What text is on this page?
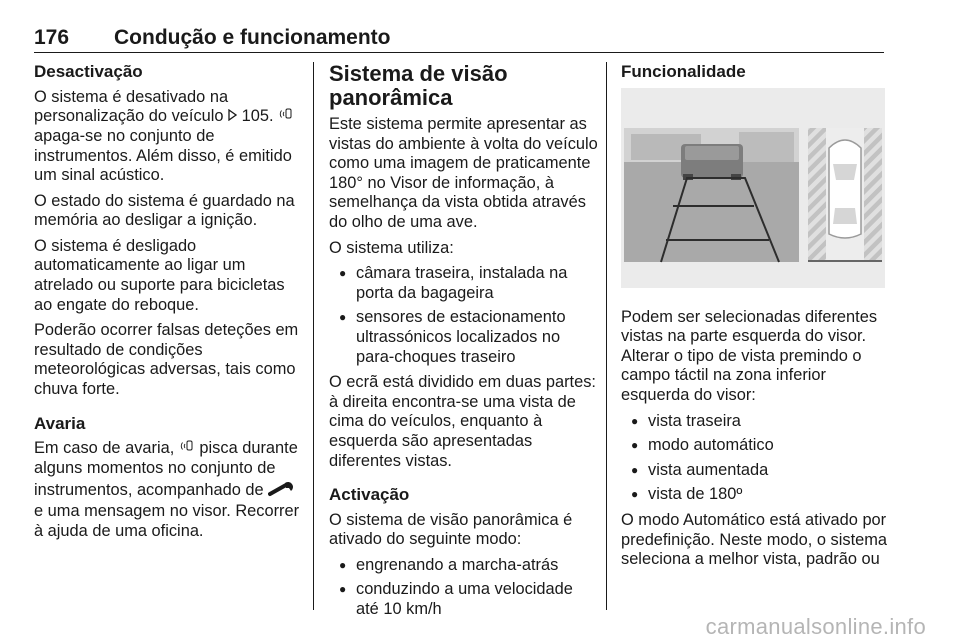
176 Condução e funcionamento
Desactivação

O sistema é desativado na personalização do veículo 105.  apaga-se no conjunto de instrumentos. Além disso, é emitido um sinal acústico.

O estado do sistema é guardado na memória ao desligar a ignição.

O sistema é desligado automaticamente ao ligar um atrelado ou suporte para bicicletas ao engate do reboque.

Poderão ocorrer falsas deteções em resultado de condições meteorológicas adversas, tais como chuva forte.

Avaria

Em caso de avaria, pisca durante alguns momentos no conjunto de instrumentos, acompanhado de  e uma mensagem no visor. Recorrer à ajuda de uma oficina.

Sistema de visão panorâmica

Este sistema permite apresentar as vistas do ambiente à volta do veículo como uma imagem de praticamente 180° no Visor de informação, à semelhança da vista obtida através do olho de uma ave.

O sistema utiliza:

● câmara traseira, instalada na porta da bagageira
● sensores de estacionamento ultrassónicos localizados no para-choques traseiro

O ecrã está dividido em duas partes: à direita encontra-se uma vista de cima do veículos, enquanto à esquerda são apresentadas diferentes vistas.

Activação

O sistema de visão panorâmica é ativado do seguinte modo:

● engrenando a marcha-atrás
● conduzindo a uma velocidade até 10 km/h
Funcionalidade

Podem ser selecionadas diferentes vistas na parte esquerda do visor. Alterar o tipo de vista premindo o campo táctil na zona inferior esquerda do visor:

● vista traseira
● modo automático
● vista aumentada
● vista de 180º

O modo Automático está ativado por predefinição. Neste modo, o sistema seleciona a melhor vista, padrão ou

carmanualsonline.info
